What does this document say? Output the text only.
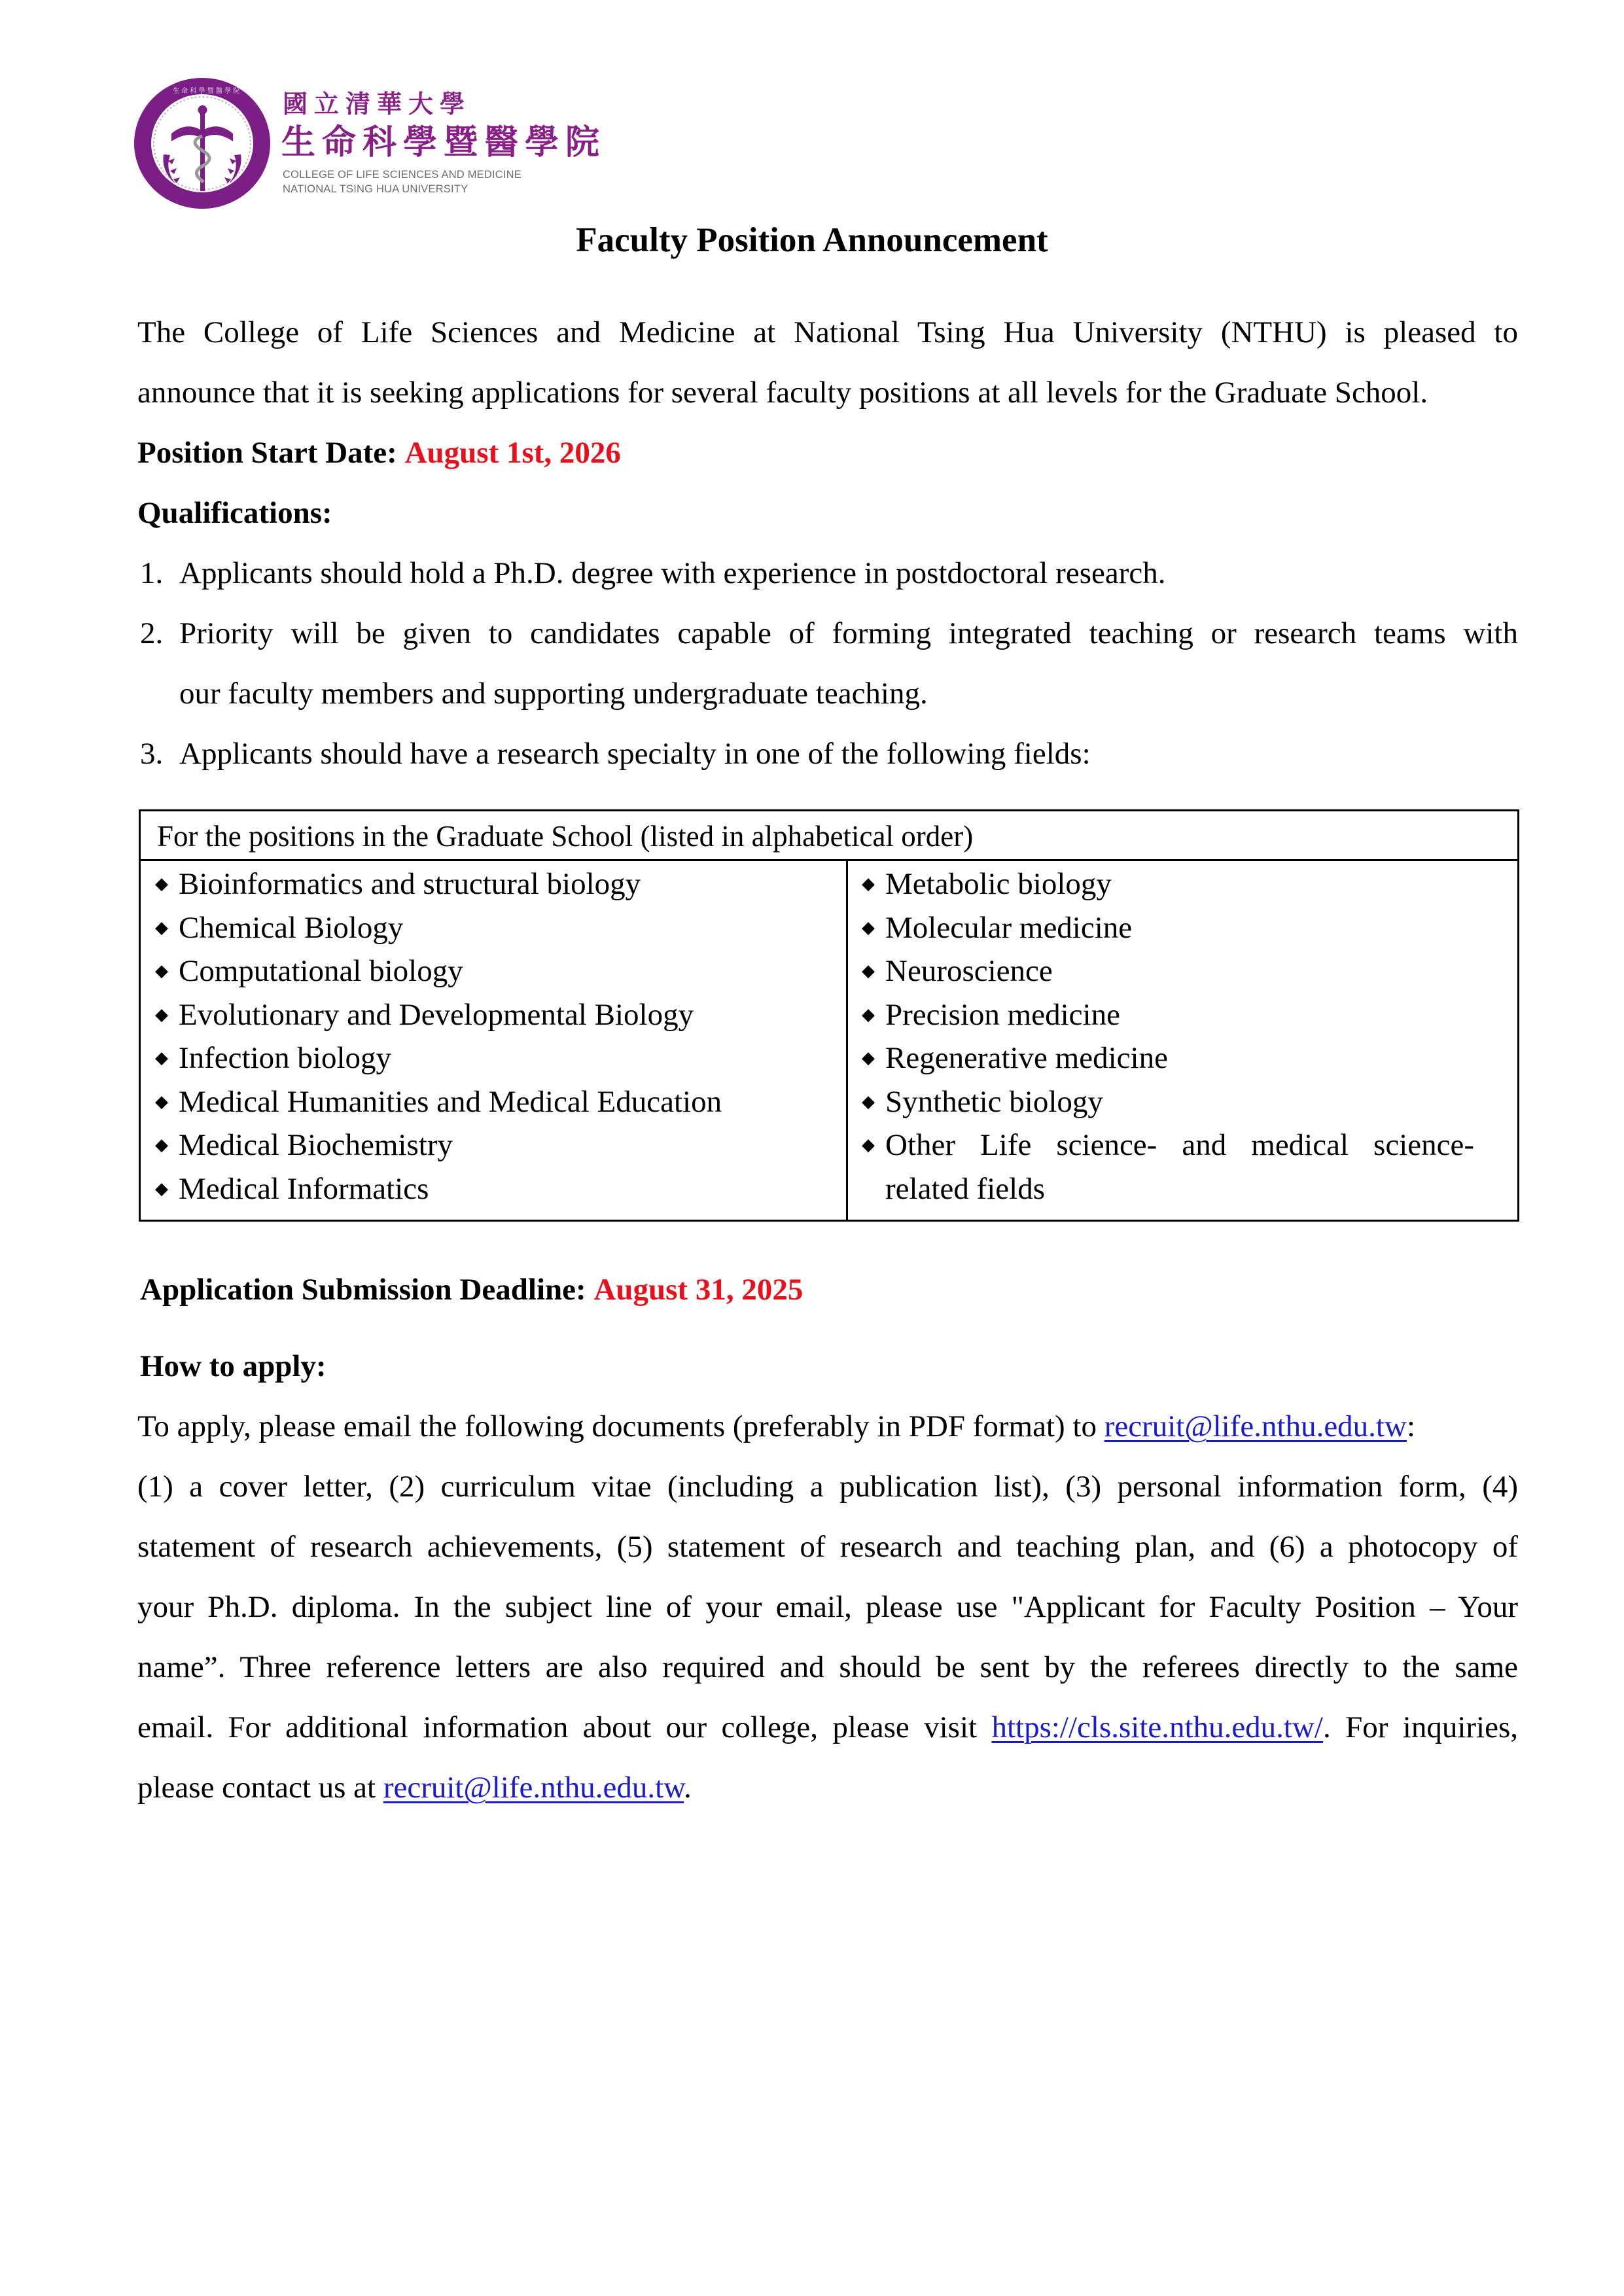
生 命 科 學 暨 醫 學 院 國立清華大學
生命科學暨醫學院
COLLEGE OF LIFE SCIENCES AND MEDICINE
NATIONAL TSING HUA UNIVERSITY
Faculty Position Announcement
The College of Life Sciences and Medicine at National Tsing Hua University (NTHU) is pleased to
announce that it is seeking applications for several faculty positions at all levels for the Graduate School.
Position Start Date: August 1st, 2026
Qualifications:
1. Applicants should hold a Ph.D. degree with experience in postdoctoral research.
2. Priority will be given to candidates capable of forming integrated teaching or research teams with
our faculty members and supporting undergraduate teaching.
3. Applicants should have a research specialty in one of the following fields:
For the positions in the Graduate School (listed in alphabetical order)
◆ Bioinformatics and structural biology
◆ Chemical Biology
◆ Computational biology
◆ Evolutionary and Developmental Biology
◆ Infection biology
◆ Medical Humanities and Medical Education
◆ Medical Biochemistry
◆ Medical Informatics
◆ Metabolic biology
◆ Molecular medicine
◆ Neuroscience
◆ Precision medicine
◆ Regenerative medicine
◆ Synthetic biology
◆ Other Life science- and medical science-
related fields
Application Submission Deadline: August 31, 2025
How to apply:
To apply, please email the following documents (preferably in PDF format) to recruit@life.nthu.edu.tw:
(1) a cover letter, (2) curriculum vitae (including a publication list), (3) personal information form, (4)
statement of research achievements, (5) statement of research and teaching plan, and (6) a photocopy of
your Ph.D. diploma. In the subject line of your email, please use "Applicant for Faculty Position – Your
name”. Three reference letters are also required and should be sent by the referees directly to the same
email. For additional information about our college, please visit https://cls.site.nthu.edu.tw/. For inquiries,
please contact us at recruit@life.nthu.edu.tw.
